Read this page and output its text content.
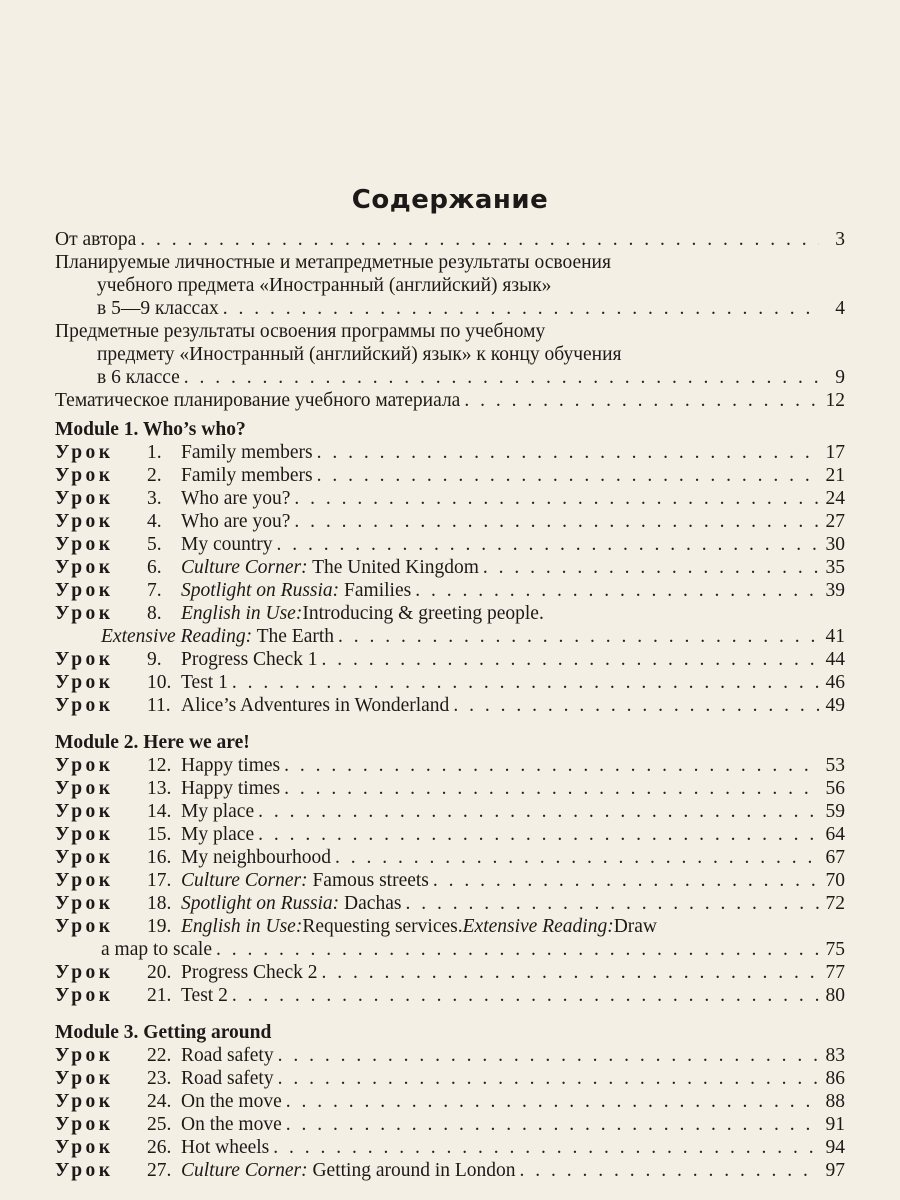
Содержание
От автора . . .	3
Планируемые личностные и метапредметные результаты освоения
учебного предмета «Иностранный (английский) язык»
в 5—9 классах . . .	4
Предметные результаты освоения программы по учебному
предмету «Иностранный (английский) язык» к концу обучения
в 6 классе . . .	9
Тематическое планирование учебного материала . . .	12
Module 1. Who’s who?
Урок 1. Family members . . .	17
Урок 2. Family members . . .	21
Урок 3. Who are you? . . .	24
Урок 4. Who are you? . . .	27
Урок 5. My country . . .	30
Урок 6. Culture Corner: The United Kingdom . . .	35
Урок 7. Spotlight on Russia: Families . . .	39
Урок	8. English in Use: Introducing & greeting people.
Extensive Reading: The Earth . . .	41
Урок 9. Progress Check 1 . . .	44
Урок 10. Test 1 . . .	46
Урок 11. Alice’s Adventures in Wonderland . . .	49
Module 2. Here we are!
Урок 12. Happy times . . .	53
Урок 13. Happy times . . .	56
Урок 14. My place . . .	59
Урок 15. My place . . .	64
Урок 16. My neighbourhood . . .	67
Урок 17. Culture Corner: Famous streets . . .	70
Урок 18. Spotlight on Russia: Dachas . . .	72
Урок	19. English in Use: Requesting services. Extensive Reading: Draw
a map to scale . . .	75
Урок 20. Progress Check 2 . . .	77
Урок 21. Test 2 . . .	80
Module 3. Getting around
Урок 22. Road safety . . .	83
Урок 23. Road safety . . .	86
Урок 24. On the move . . .	88
Урок 25. On the move . . .	91
Урок 26. Hot wheels . . .	94
Урок 27. Culture Corner: Getting around in London . . .	97
